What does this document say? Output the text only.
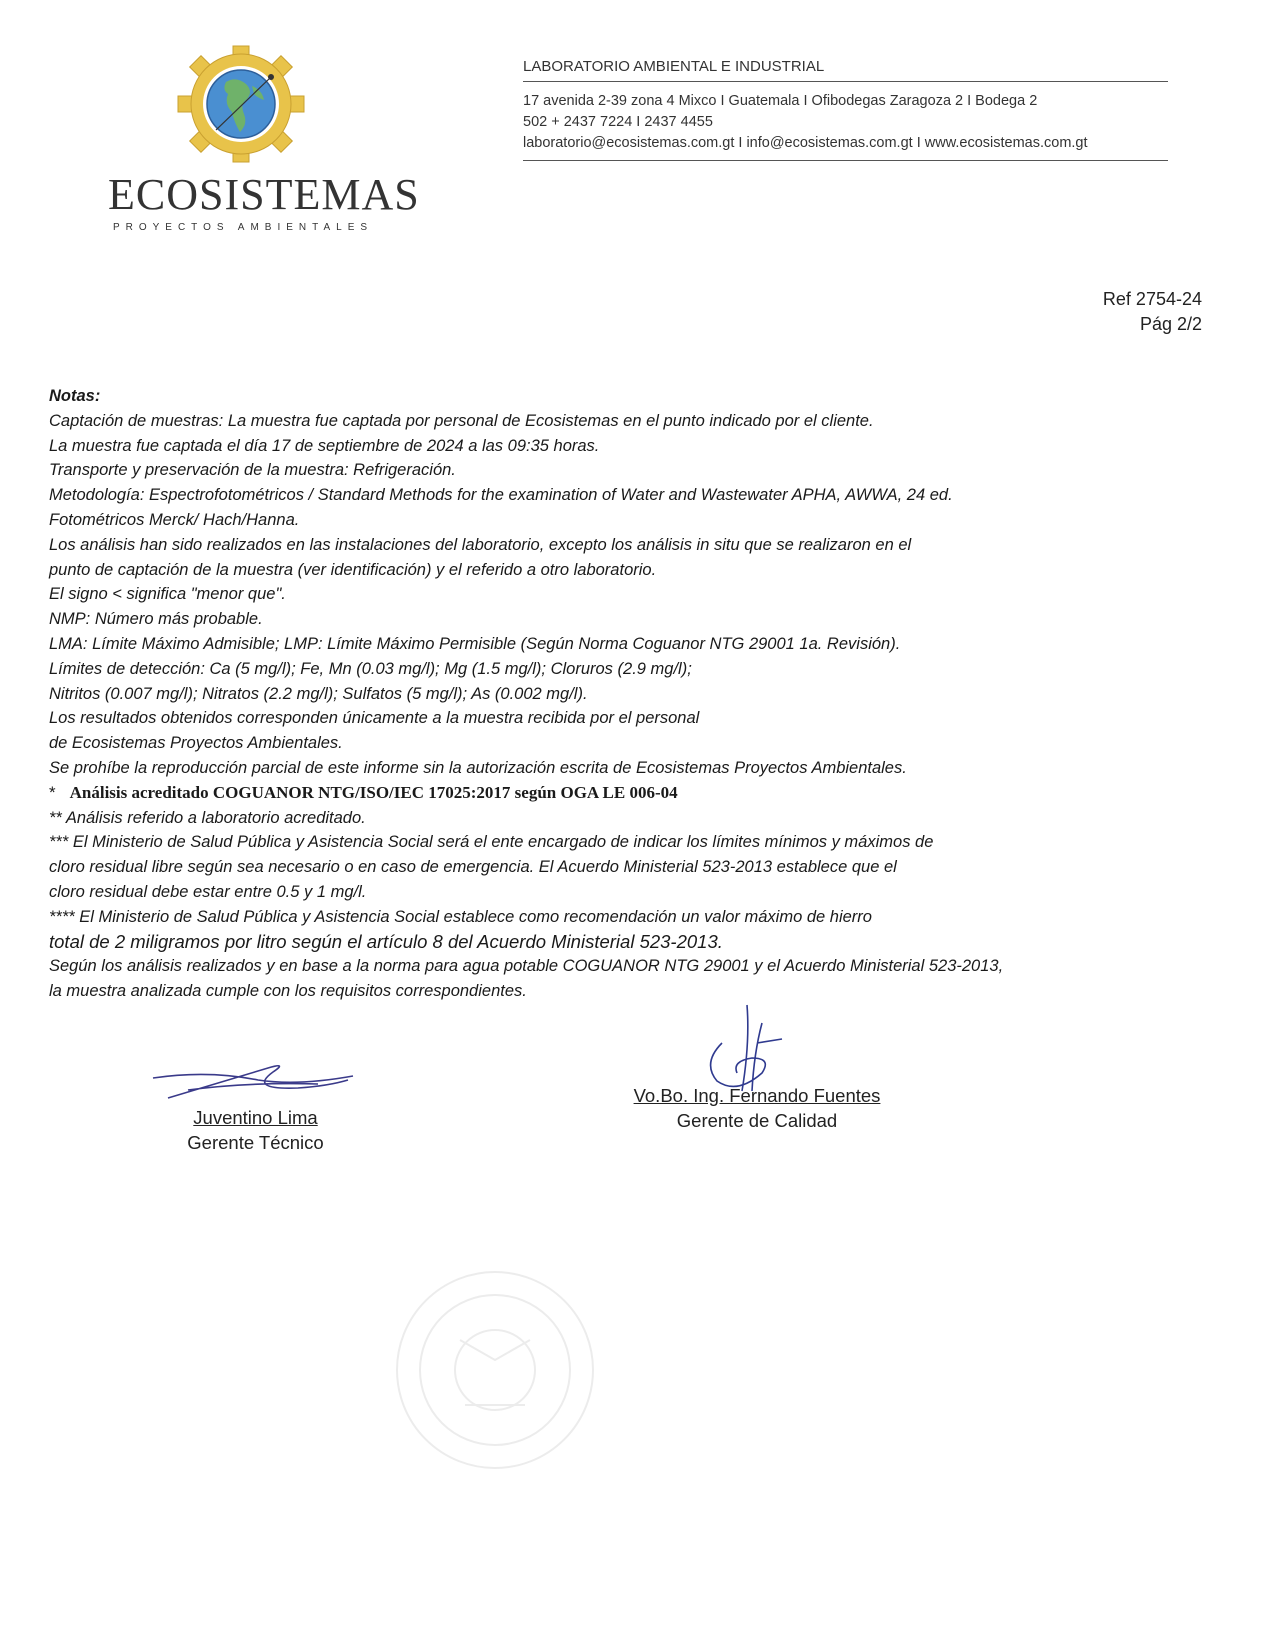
ECOSISTEMAS
PROYECTOS AMBIENTALES
LABORATORIO AMBIENTAL E INDUSTRIAL
17 avenida 2-39 zona 4 Mixco I Guatemala I Ofibodegas Zaragoza 2 I Bodega 2
502 + 2437 7224 I 2437 4455
laboratorio@ecosistemas.com.gt I info@ecosistemas.com.gt I www.ecosistemas.com.gt
Ref 2754-24
Pág 2/2
Notas:
Captación de muestras: La muestra fue captada por personal de Ecosistemas en el punto indicado por el cliente.
La muestra fue captada el día 17 de septiembre de 2024 a las 09:35 horas.
Transporte y preservación de la muestra: Refrigeración.
Metodología: Espectrofotométricos / Standard Methods for the examination of Water and Wastewater APHA, AWWA, 24 ed.
Fotométricos Merck/ Hach/Hanna.
Los análisis han sido realizados en las instalaciones del laboratorio, excepto los análisis in situ que se realizaron en el
punto de captación de la muestra (ver identificación) y el referido a otro laboratorio.
El signo < significa "menor que".
NMP: Número más probable.
LMA: Límite Máximo Admisible; LMP: Límite Máximo Permisible (Según Norma Coguanor NTG 29001 1a. Revisión).
Límites de detección: Ca (5 mg/l); Fe, Mn (0.03 mg/l); Mg (1.5 mg/l); Cloruros (2.9 mg/l);
Nitritos (0.007 mg/l); Nitratos (2.2 mg/l); Sulfatos (5 mg/l); As (0.002 mg/l).
Los resultados obtenidos corresponden únicamente a la muestra recibida por el personal
de Ecosistemas Proyectos Ambientales.
Se prohíbe la reproducción parcial de este informe sin la autorización escrita de Ecosistemas Proyectos Ambientales.
* Análisis acreditado COGUANOR NTG/ISO/IEC 17025:2017 según OGA LE 006-04
** Análisis referido a laboratorio acreditado.
*** El Ministerio de Salud Pública y Asistencia Social será el ente encargado de indicar los límites mínimos y máximos de
cloro residual libre según sea necesario o en caso de emergencia. El Acuerdo Ministerial 523-2013 establece que el
cloro residual debe estar entre 0.5 y 1 mg/l.
**** El Ministerio de Salud Pública y Asistencia Social establece como recomendación un valor máximo de hierro
total de 2 miligramos por litro según el artículo 8 del Acuerdo Ministerial 523-2013.
Según los análisis realizados y en base a la norma para agua potable COGUANOR NTG 29001 y el Acuerdo Ministerial 523-2013,
la muestra analizada cumple con los requisitos correspondientes.
Juventino Lima
Gerente Técnico
Vo.Bo. Ing. Fernando Fuentes
Gerente de Calidad
